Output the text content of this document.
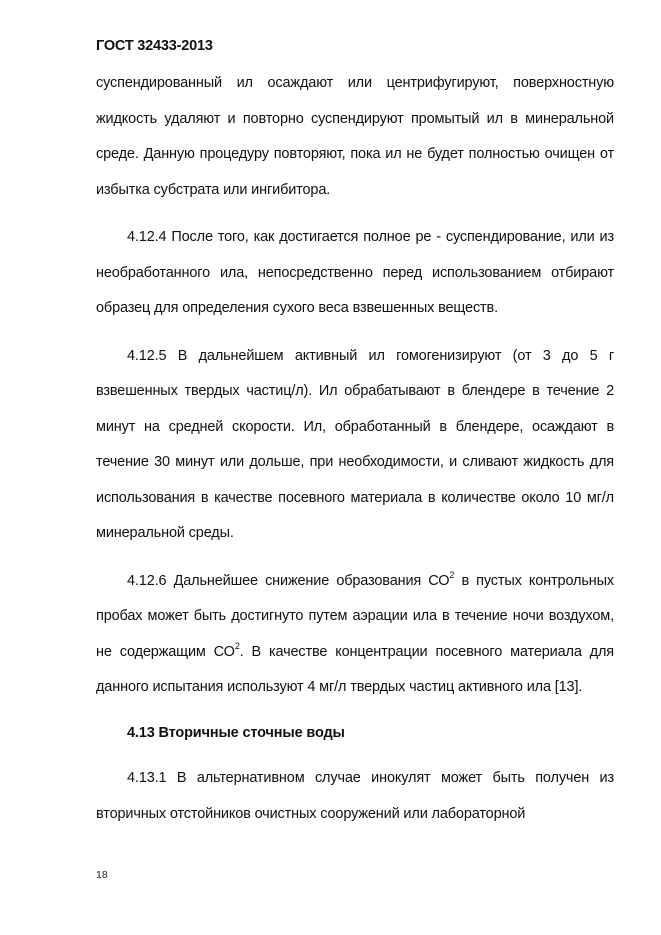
ГОСТ 32433-2013

суспендированный ил осаждают или центрифугируют, поверхностную жидкость удаляют и повторно суспендируют промытый ил в минеральной среде. Данную процедуру повторяют, пока ил не будет полностью очищен от избытка субстрата или ингибитора.

4.12.4 После того, как достигается полное ре - суспендирование, или из необработанного ила, непосредственно перед использованием отбирают образец для определения сухого веса взвешенных веществ.

4.12.5 В дальнейшем активный ил гомогенизируют (от 3 до 5 г взвешенных твердых частиц/л). Ил обрабатывают в блендере в течение 2 минут на средней скорости. Ил, обработанный в блендере, осаждают в течение 30 минут или дольше, при необходимости, и сливают жидкость для использования в качестве посевного материала в количестве около 10 мг/л минеральной среды.

4.12.6 Дальнейшее снижение образования $СО^2$ в пустых контрольных пробах может быть достигнуто путем аэрации ила в течение ночи воздухом, не содержащим $СО^2$. В качестве концентрации посевного материала для данного испытания используют 4 мг/л твердых частиц активного ила [13].

4.13 Вторичные сточные воды

4.13.1 В альтернативном случае инокулят может быть получен из вторичных отстойников очистных сооружений или лабораторной

18
